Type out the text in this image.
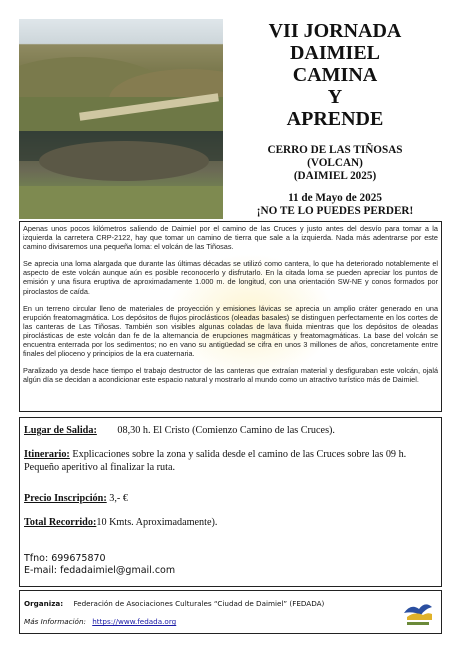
VII JORNADA
DAIMIEL
CAMINA
Y
APRENDE
CERRO DE LAS TIÑOSAS
(VOLCAN)
(DAIMIEL 2025)
11 de Mayo de 2025
¡NO TE LO PUEDES PERDER!

Apenas unos pocos kilómetros saliendo de Daimiel por el camino de las Cruces y justo antes del desvío para tomar a la izquierda la carretera CRP-2122, hay que tomar un camino de tierra que sale a la izquierda. Nada más adentrarse por este camino divisaremos una pequeña loma: el volcán de las Tiñosas.

Se aprecia una loma alargada que durante las últimas décadas se utilizó como cantera, lo que ha deteriorado notablemente el aspecto de este volcán aunque aún es posible reconocerlo y disfrutarlo. En la citada loma se pueden apreciar los puntos de emisión y una fisura eruptiva de aproximadamente 1.000 m. de longitud, con una orientación SW-NE y conos formados por piroclastos de caída.

En un terreno circular lleno de materiales de proyección y emisiones lávicas se aprecia un amplio cráter generado en una erupción freatomagmática. Los depósitos de flujos piroclásticos (oleadas basales) se distinguen perfectamente en los cortes de las canteras de Las Tiñosas. También son visibles algunas coladas de lava fluida mientras que los depósitos de oleadas piroclásticas de este volcán dan fe de la alternancia de erupciones magmáticas y freatomagmáticas. La base del volcán se encuentra enterrada por los sedimentos; no en vano su antigüedad se cifra en unos 3 millones de años, concretamente entre finales del plioceno y principios de la era cuaternaria.

Paralizado ya desde hace tiempo el trabajo destructor de las canteras que extraían material y desfiguraban este volcán, ojalá algún día se decidan a acondicionar este espacio natural y mostrarlo al mundo como un atractivo turístico más de Daimiel.

Lugar de Salida: 08,30 h. El Cristo (Comienzo Camino de las Cruces).
Itinerario: Explicaciones sobre la zona y salida desde el camino de las Cruces sobre las 09 h.
Pequeño aperitivo al finalizar la ruta.
Precio Inscripción: 3,- €
Total Recorrido:10 Kmts. Aproximadamente).
Tfno: 699675870
E-mail: fedadaimiel@gmail.com
Organiza: Federación de Asociaciones Culturales “Ciudad de Daimiel” (FEDADA)
Más Información: https://www.fedada.org
